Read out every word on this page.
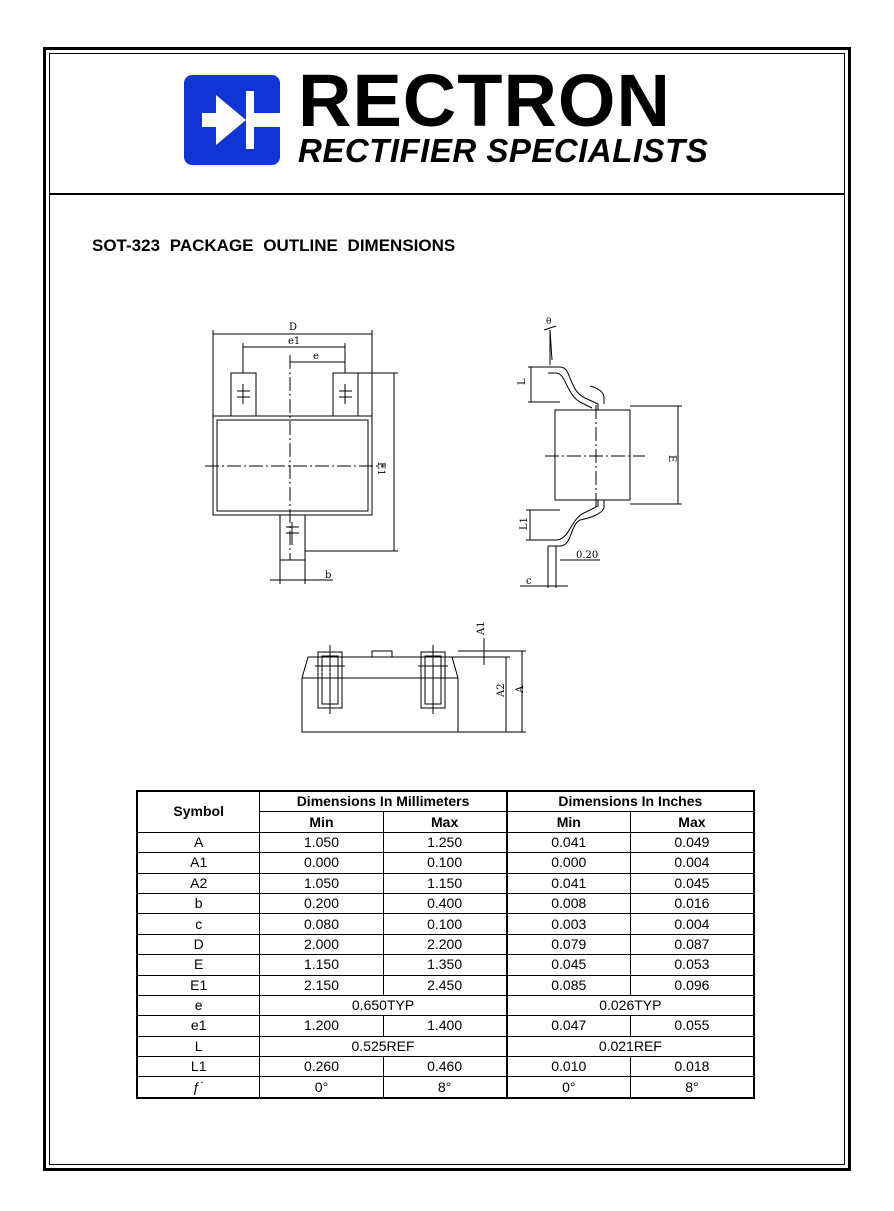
RECTRON
RECTIFIER SPECIALISTS
SOT-323 PACKAGE OUTLINE DIMENSIONS
D
e1
e
E1
b
θ
L
E
L1
0.20
c
A1
A2 A
Symbol	Dimensions In Millimeters		Dimensions In Inches	
	Min	Max	Min	Max
A	1.050	1.250	0.041	0.049
A1	0.000	0.100	0.000	0.004
A2	1.050	1.150	0.041	0.045
b	0.200	0.400	0.008	0.016
c	0.080	0.100	0.003	0.004
D	2.000	2.200	0.079	0.087
E	1.150	1.350	0.045	0.053
E1	2.150	2.450	0.085	0.096
e	0.650TYP		0.026TYP	
e1	1.200	1.400	0.047	0.055
L	0.525REF		0.021REF	
L1	0.260	0.460	0.010	0.018
ƒ˙	0°	8°	0°	8°
